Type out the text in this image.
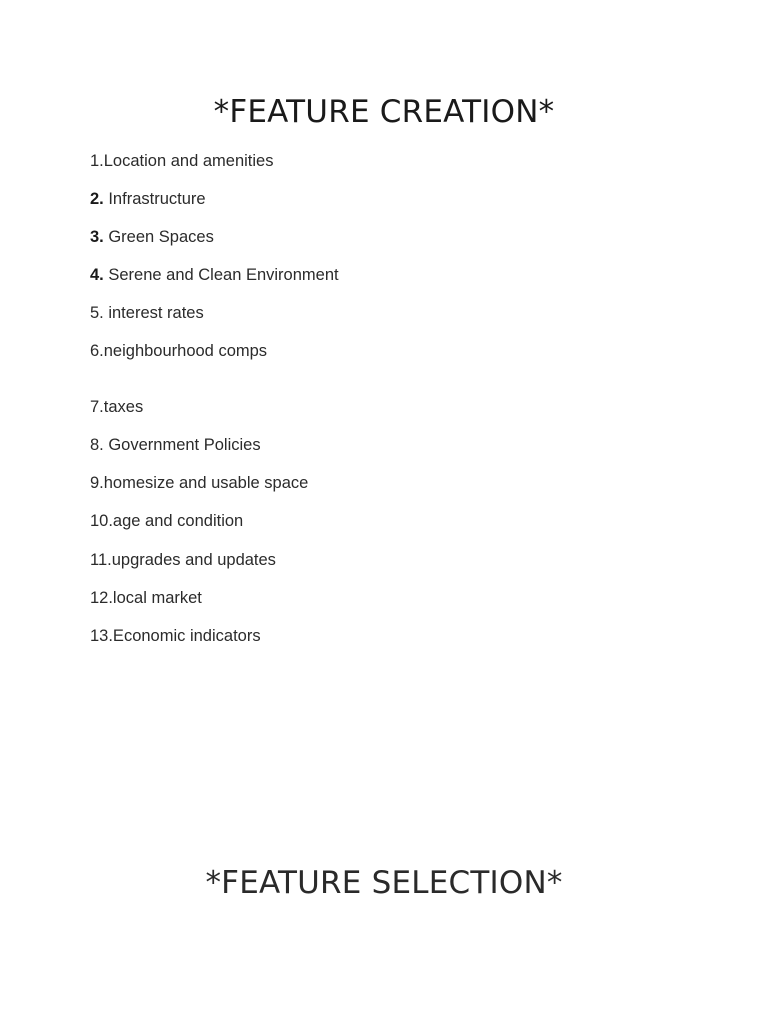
*FEATURE CREATION*
1.Location and amenities
2. Infrastructure
3. Green Spaces
4. Serene and Clean Environment
5. interest rates
6.neighbourhood comps
7.taxes
8. Government Policies
9.homesize and usable space
10.age and condition
11.upgrades and updates
12.local market
13.Economic indicators
*FEATURE SELECTION*
